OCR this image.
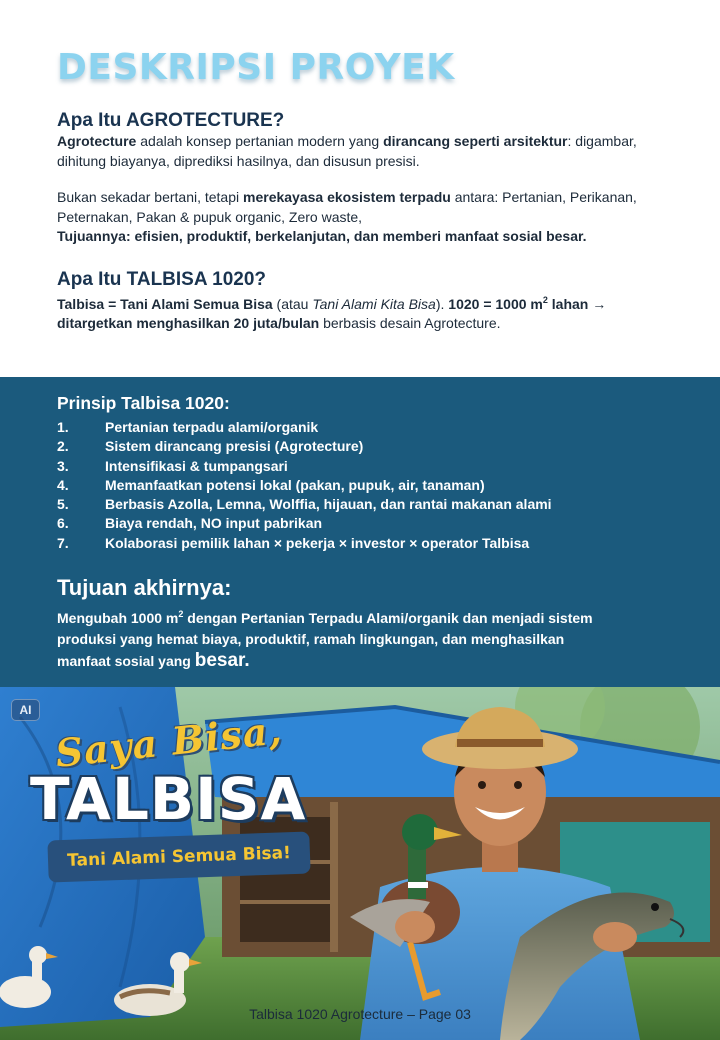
DESKRIPSI PROYEK
Apa Itu AGROTECTURE?

Agrotecture adalah konsep pertanian modern yang dirancang seperti arsitektur: digambar, dihitung biayanya, diprediksi hasilnya, dan disusun presisi.

Bukan sekadar bertani, tetapi merekayasa ekosistem terpadu antara: Pertanian, Perikanan, Peternakan, Pakan & pupuk organic, Zero waste,
Tujuannya: efisien, produktif, berkelanjutan, dan memberi manfaat sosial besar.

Apa Itu TALBISA 1020?

Talbisa = Tani Alami Semua Bisa (atau Tani Alami Kita Bisa). 1020 = 1000 $m^2$ lahan → ditargetkan menghasilkan 20 juta/bulan berbasis desain Agrotecture.

Prinsip Talbisa 1020:
1.	Pertanian terpadu alami/organik
2.	Sistem dirancang presisi (Agrotecture)
3.	Intensifikasi & tumpangsari
4.	Memanfaatkan potensi lokal (pakan, pupuk, air, tanaman)
5.	Berbasis Azolla, Lemna, Wolffia, hijauan, dan rantai makanan alami
6.	Biaya rendah, NO input pabrikan
7.	Kolaborasi pemilik lahan × pekerja × investor × operator Talbisa
Tujuan akhirnya:

Mengubah 1000 $m^2$ dengan Pertanian Terpadu Alami/organik dan menjadi sistem produksi yang hemat biaya, produktif, ramah lingkungan, dan menghasilkan manfaat sosial yang besar.

AI Saya Bisa,
TALBISA
Tani Alami Semua Bisa!
Talbisa 1020 Agrotecture – Page 03
